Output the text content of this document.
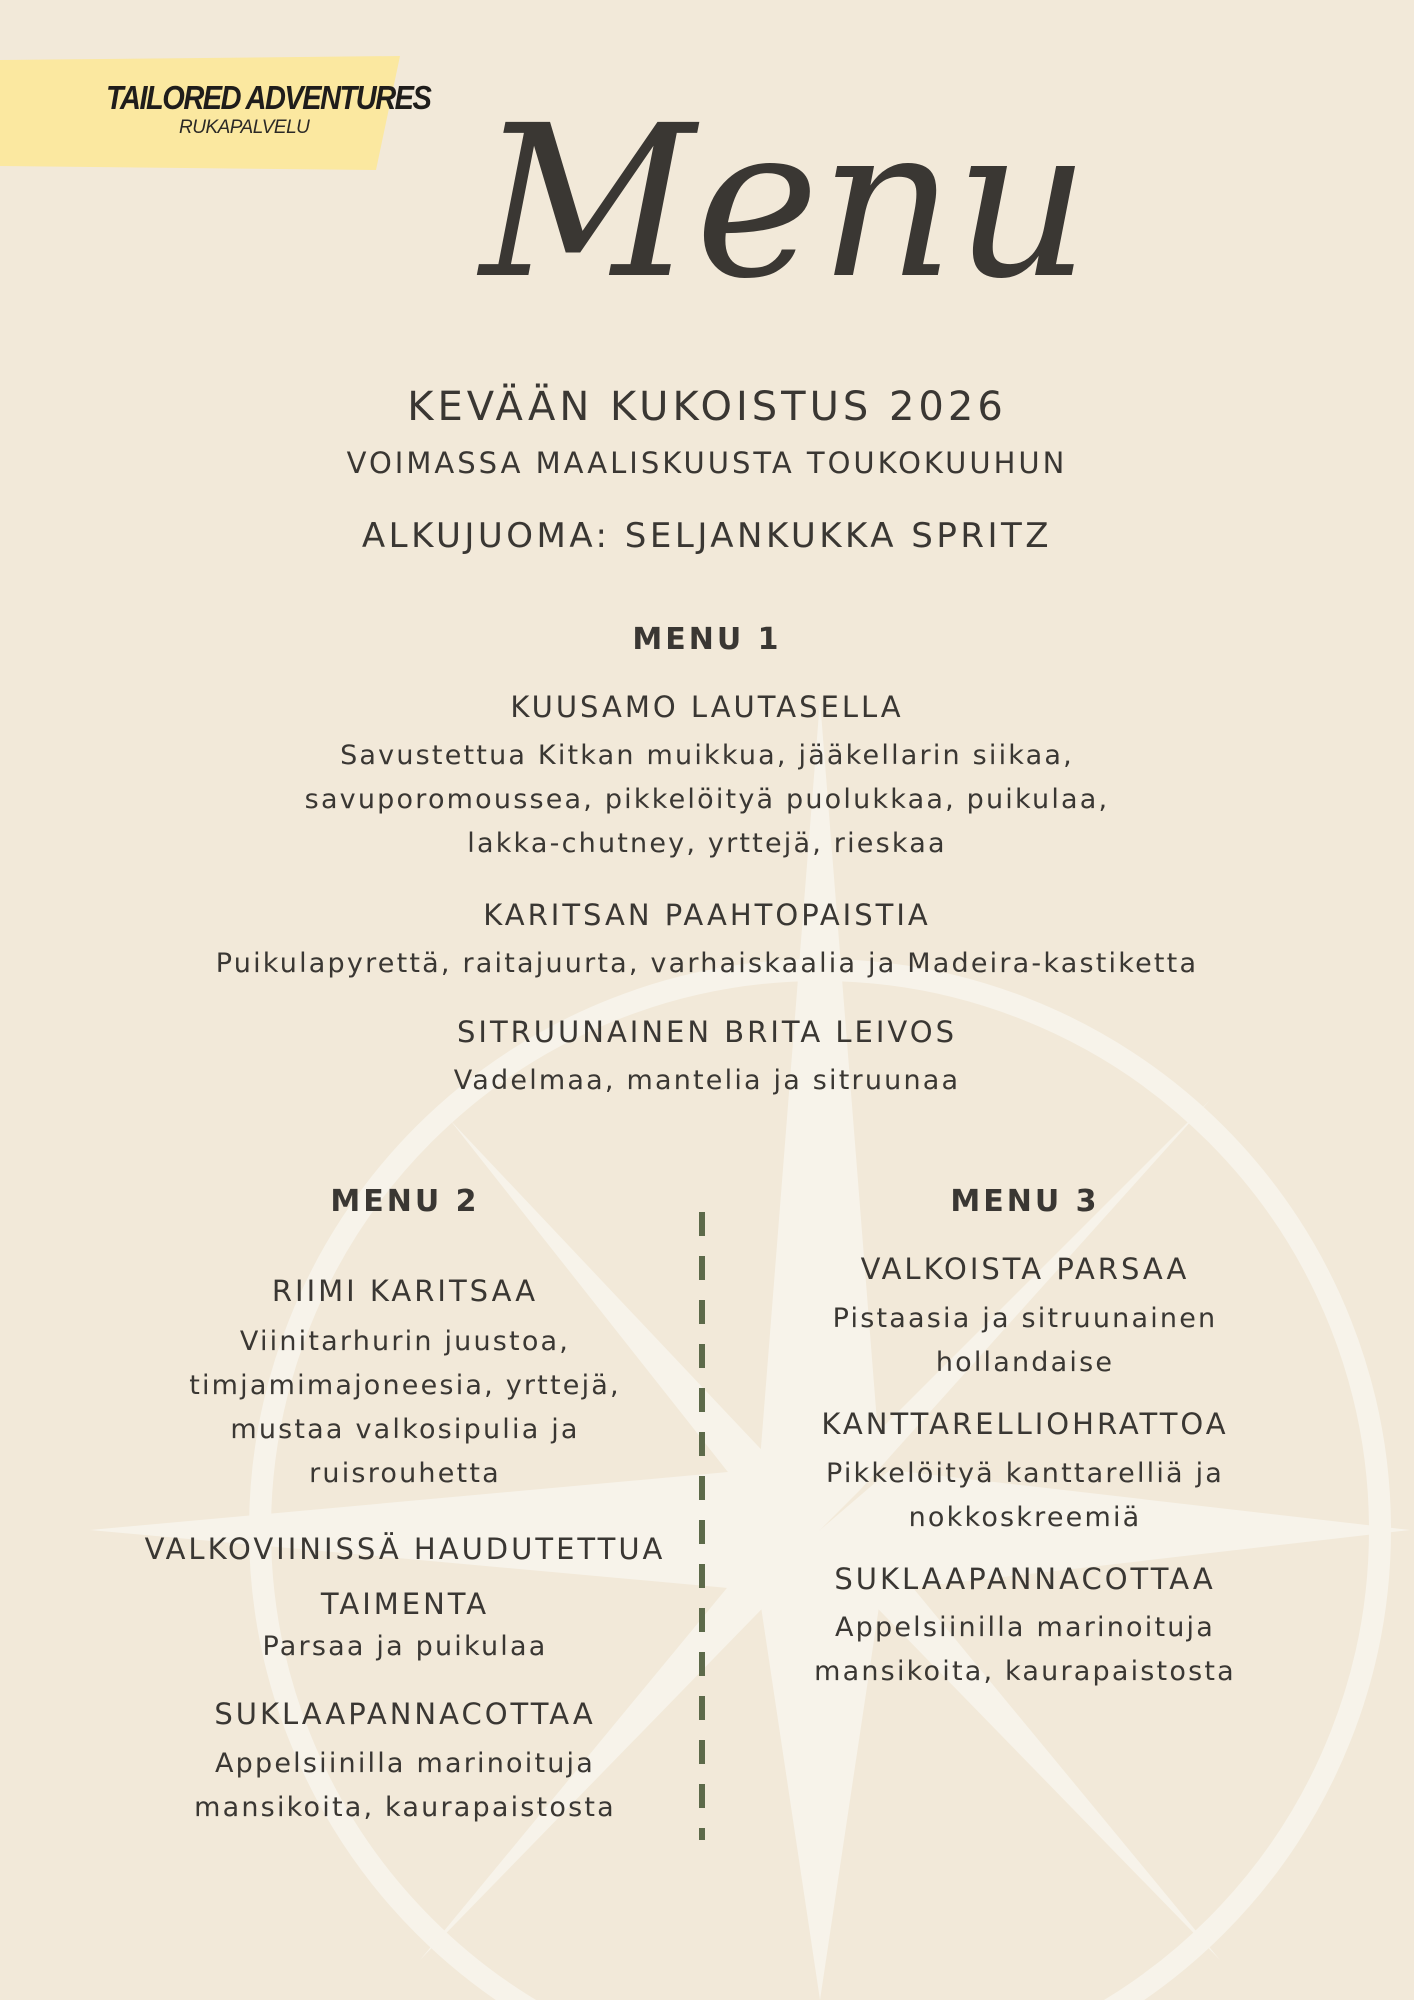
TAILORED ADVENTURES
RUKAPALVELU Menu
KEVÄÄN KUKOISTUS 2026
VOIMASSA MAALISKUUSTA TOUKOKUUHUN
ALKUJUOMA: SELJANKUKKA SPRITZ
MENU 1
KUUSAMO LAUTASELLA
Savustettua Kitkan muikkua, jääkellarin siikaa,
savuporomoussea, pikkelöityä puolukkaa, puikulaa,
lakka-chutney, yrttejä, rieskaa
KARITSAN PAAHTOPAISTIA
Puikulapyrettä, raitajuurta, varhaiskaalia ja Madeira-kastiketta
SITRUUNAINEN BRITA LEIVOS
Vadelmaa, mantelia ja sitruunaa
MENU 2
RIIMI KARITSAA
Viinitarhurin juustoa,
timjamimajoneesia, yrttejä,
mustaa valkosipulia ja
ruisrouhetta
VALKOVIINISSÄ HAUDUTETTUA
TAIMENTA
Parsaa ja puikulaa
SUKLAAPANNACOTTAA
Appelsiinilla marinoituja
mansikoita, kaurapaistosta
MENU 3
VALKOISTA PARSAA
Pistaasia ja sitruunainen
hollandaise
KANTTARELLIOHRATTOA
Pikkelöityä kanttarelliä ja
nokkoskreemiä
SUKLAAPANNACOTTAA
Appelsiinilla marinoituja
mansikoita, kaurapaistosta
